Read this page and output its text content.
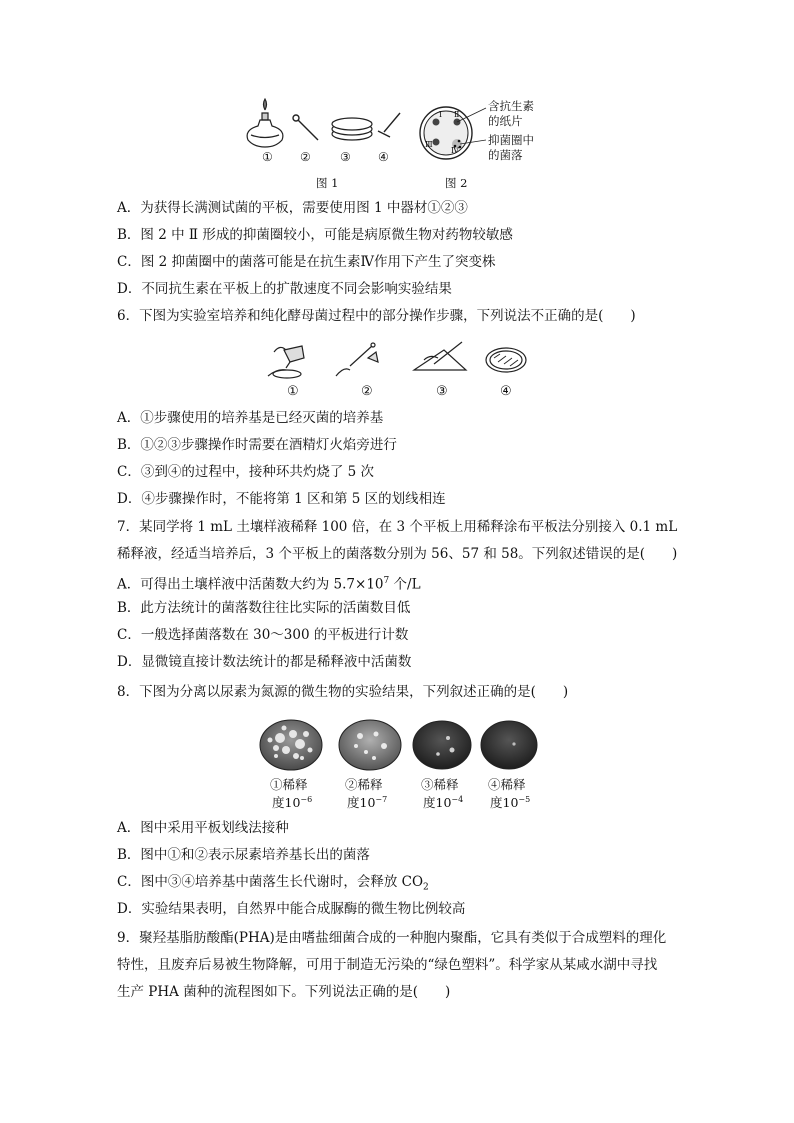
① ② ③ ④
Ⅰ Ⅱ
Ⅲ
Ⅳ
含抗生素
的纸片
抑菌圈中
的菌落
图 1	图 2
A．为获得长满测试菌的平板，需要使用图 1 中器材①②③
B．图 2 中 Ⅱ 形成的抑菌圈较小，可能是病原微生物对药物较敏感
C．图 2 抑菌圈中的菌落可能是在抗生素Ⅳ作用下产生了突变株
D．不同抗生素在平板上的扩散速度不同会影响实验结果
6．下图为实验室培养和纯化酵母菌过程中的部分操作步骤，下列说法不正确的是(　　)
①	②	③	④
A．①步骤使用的培养基是已经灭菌的培养基
B．①②③步骤操作时需要在酒精灯火焰旁进行
C．③到④的过程中，接种环共灼烧了 5 次
D．④步骤操作时，不能将第 1 区和第 5 区的划线相连
7．某同学将 1 mL 土壤样液稀释 100 倍，在 3 个平板上用稀释涂布平板法分别接入 0.1 mL
稀释液，经适当培养后，3 个平板上的菌落数分别为 56、57 和 58。下列叙述错误的是(　　)
A．可得出土壤样液中活菌数大约为 $5.7\times 10^7$ 个/L
B．此方法统计的菌落数往往比实际的活菌数目低
C．一般选择菌落数在 30～300 的平板进行计数
D．显微镜直接计数法统计的都是稀释液中活菌数
8．下图为分离以尿素为氮源的微生物的实验结果，下列叙述正确的是(　　)
①稀释
度$10^{-6}$
②稀释
度$10^{-7}$
③稀释
度$10^{-4}$
④稀释
度$10^{-5}$
A．图中采用平板划线法接种
B．图中①和②表示尿素培养基长出的菌落
C．图中③④培养基中菌落生长代谢时，会释放 $CO_2$
D．实验结果表明，自然界中能合成脲酶的微生物比例较高
9．聚羟基脂肪酸酯(PHA)是由嗜盐细菌合成的一种胞内聚酯，它具有类似于合成塑料的理化
特性，且废弃后易被生物降解，可用于制造无污染的“绿色塑料”。科学家从某咸水湖中寻找
生产 PHA 菌种的流程图如下。下列说法正确的是(　　)
